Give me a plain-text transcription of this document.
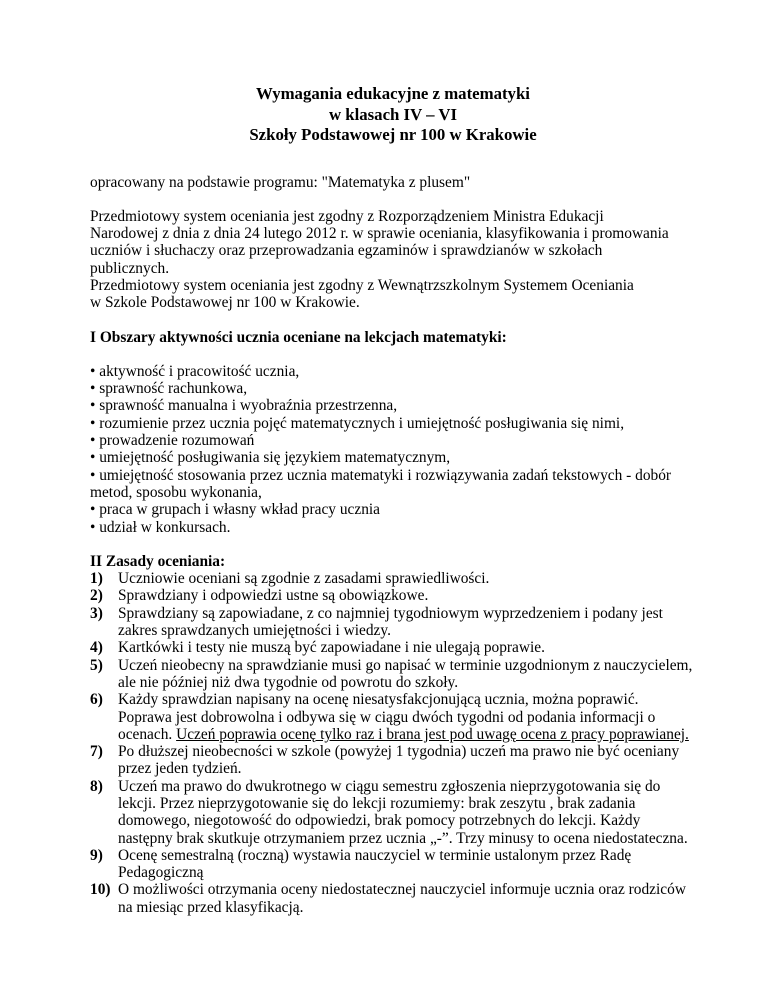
Wymagania edukacyjne z matematyki
w klasach IV – VI
Szkoły Podstawowej nr 100 w Krakowie
opracowany na podstawie programu: "Matematyka z plusem"
Przedmiotowy system oceniania jest zgodny z Rozporządzeniem Ministra Edukacji
Narodowej z dnia z dnia 24 lutego 2012 r. w sprawie oceniania, klasyfikowania i promowania
uczniów i słuchaczy oraz przeprowadzania egzaminów i sprawdzianów w szkołach
publicznych.
Przedmiotowy system oceniania jest zgodny z Wewnątrzszkolnym Systemem Oceniania
w Szkole Podstawowej nr 100 w Krakowie.
I Obszary aktywności ucznia oceniane na lekcjach matematyki:
• aktywność i pracowitość ucznia,
• sprawność rachunkowa,
• sprawność manualna i wyobraźnia przestrzenna,
• rozumienie przez ucznia pojęć matematycznych i umiejętność posługiwania się nimi,
• prowadzenie rozumowań
• umiejętność posługiwania się językiem matematycznym,
• umiejętność stosowania przez ucznia matematyki i rozwiązywania zadań tekstowych - dobór metod, sposobu wykonania,
• praca w grupach i własny wkład pracy ucznia
• udział w konkursach.
II Zasady oceniania:
1) Uczniowie oceniani są zgodnie z zasadami sprawiedliwości.
2) Sprawdziany i odpowiedzi ustne są obowiązkowe.
3) Sprawdziany są zapowiadane, z co najmniej tygodniowym wyprzedzeniem i podany jest zakres sprawdzanych umiejętności i wiedzy.
4) Kartkówki i testy nie muszą być zapowiadane i nie ulegają poprawie.
5) Uczeń nieobecny na sprawdzianie musi go napisać w terminie uzgodnionym z nauczycielem, ale nie później niż dwa tygodnie od powrotu do szkoły.
6) Każdy sprawdzian napisany na ocenę niesatysfakcjonującą ucznia, można poprawić. Poprawa jest dobrowolna i odbywa się w ciągu dwóch tygodni od podania informacji o ocenach. Uczeń poprawia ocenę tylko raz i brana jest pod uwagę ocena z pracy poprawianej.
7) Po dłuższej nieobecności w szkole (powyżej 1 tygodnia) uczeń ma prawo nie być oceniany przez jeden tydzień.
8) Uczeń ma prawo do dwukrotnego w ciągu semestru zgłoszenia nieprzygotowania się do lekcji. Przez nieprzygotowanie się do lekcji rozumiemy: brak zeszytu , brak zadania domowego, niegotowość do odpowiedzi, brak pomocy potrzebnych do lekcji. Każdy następny brak skutkuje otrzymaniem przez ucznia „-”. Trzy minusy to ocena niedostateczna.
9) Ocenę semestralną (roczną) wystawia nauczyciel w terminie ustalonym przez Radę Pedagogiczną
10) O możliwości otrzymania oceny niedostatecznej nauczyciel informuje ucznia oraz rodziców na miesiąc przed klasyfikacją.
